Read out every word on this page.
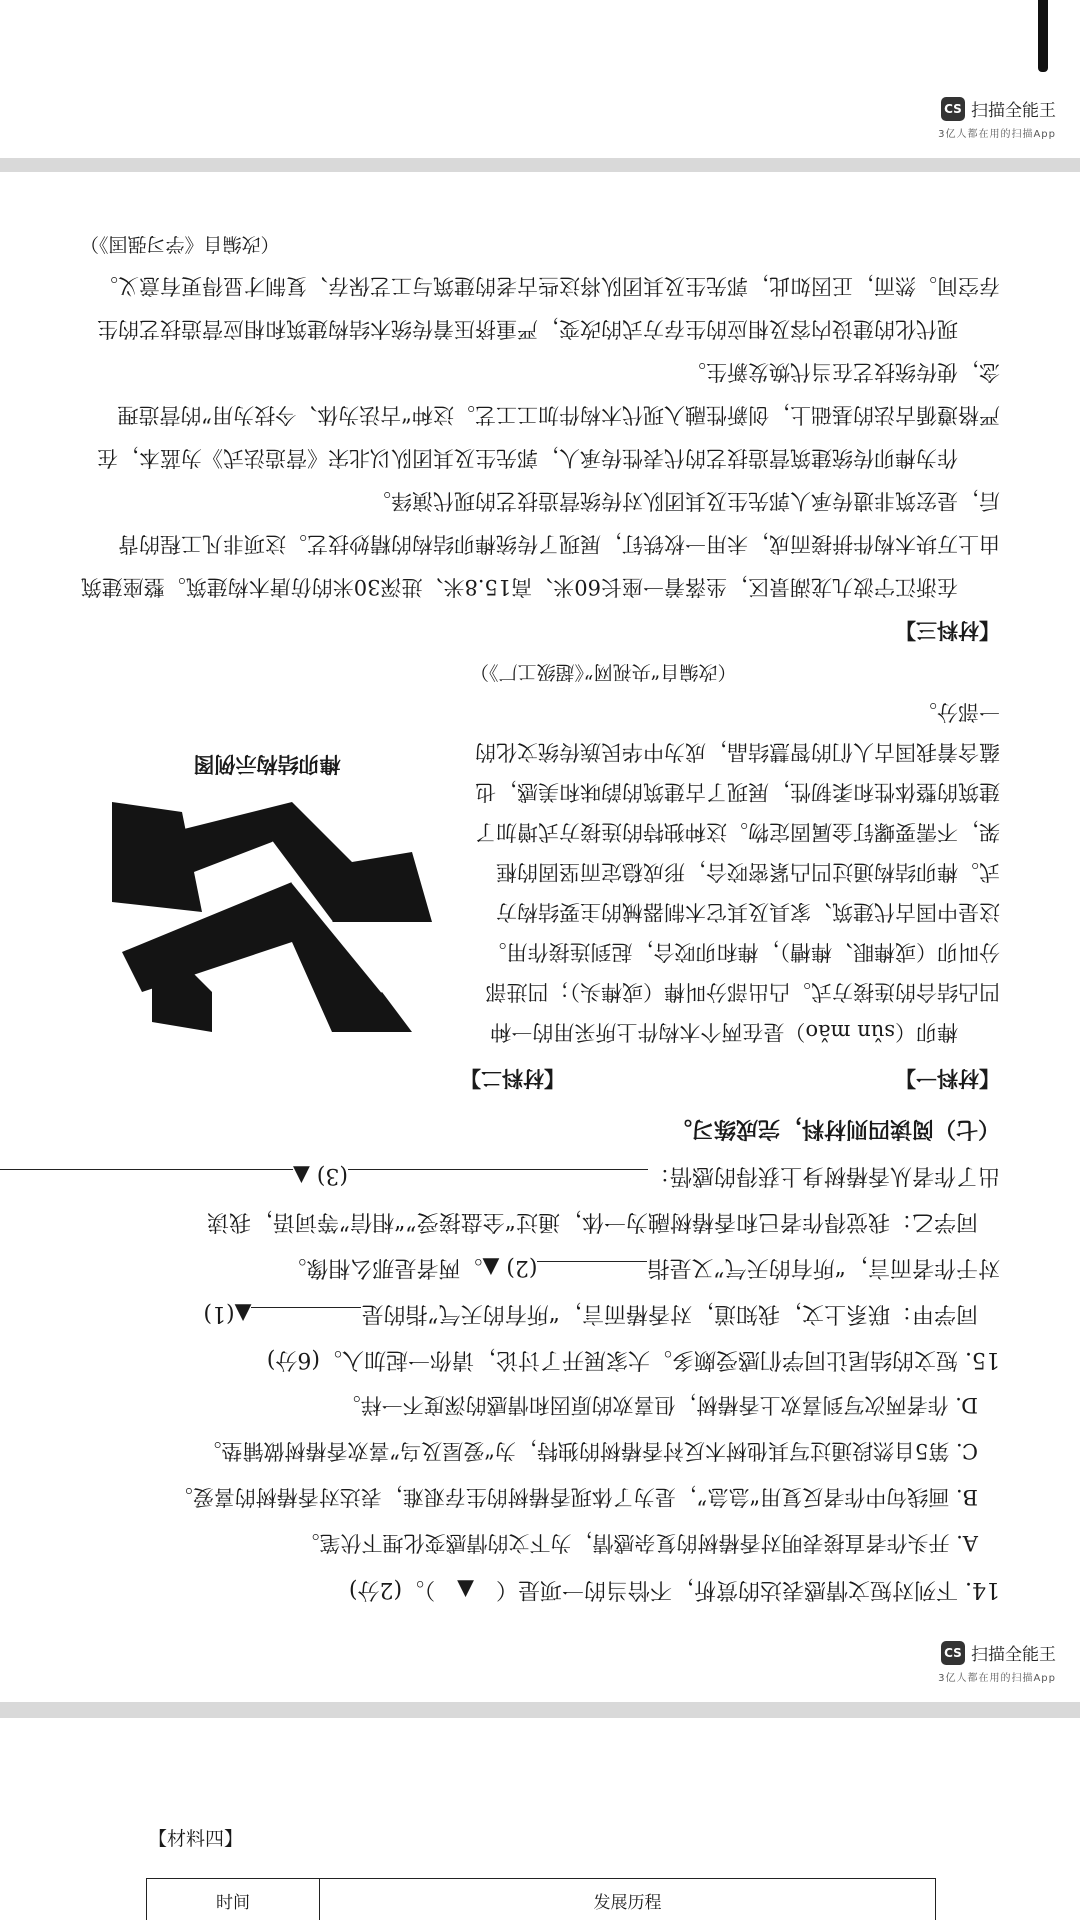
CS 扫描全能王
3亿人都在用的扫描App
14. 下列对短文情感表达的赏析，不恰当的一项是（　▲　）。(2分)
A. 开头作者直接表明对香椿树的复杂感情，为下文的情感变化埋下伏笔。
B. 画线句中作者反复用“急急”，是为了体现香椿树的生存艰难，表达对香椿树的喜爱。
C. 第5自然段通过写其他树木反衬香椿树的独特，为“爱屋及乌”喜欢香椿树做铺垫。
D. 作者两次写到喜欢上香椿树，但喜欢的原因和情感的深度不一样。
15. 短文的结尾让同学们感受颇多。大家展开了讨论，请你一起加入。(6分)
同学甲：联系上文，我知道，对香椿而言，“所有的天气”指的是▲(1)
对于作者而言，“所有的天气”又是指(2) ▲。两者是那么相像。
同学乙：我觉得作者已和香椿树融为一体，通过“全盘接受”“相信”等词语，我读
出了作者从香椿树身上获得的感悟：(3) ▲
（七）阅读四则材料，完成练习。
【材料一】
【材料二】

榫卯（sǔn mǎo）是在两个木构件上所采用的一种凹凸结合的连接方式。凸出部分叫榫（或榫头）；凹进部分叫卯（或榫眼、榫槽），榫和卯咬合，起到连接作用。这是中国古代建筑、家具及其它木制器械的主要结构方式。榫卯结构通过凹凸紧密咬合，形成稳定而坚固的框架，不需要螺钉金属固定物。这种独特的连接方式增加了建筑的整体性和柔韧性，展现了古建筑的韵味和美感，也蕴含着我国古人们的智慧结晶，成为中华民族传统文化的一部分。

（改编自“央视网”《超级工厂》）
榫卯结构示例图
【材料三】

在浙江宁波九龙湖景区，坐落着一座长60米、高15.8米、进深30米的仿唐木构建筑。整座建筑由上万块木构件拼接而成，未用一枚铁钉，展现了传统榫卯结构的精妙技艺。这项非凡工程的背后，是宏筑非遗传承人郭先生及其团队对传统营造技艺的现代演绎。

作为榫卯传统建筑营造技艺的代表性传承人，郭先生及其团队以北宋《营造法式》为蓝本，在严格遵循古法的基础上，创新性融入现代木构件加工工艺。这种“古法为体、今技为用”的营造理念，使传统技艺在当代焕发新生。

现代化的建设内容及相应的生存方式的改变，严重挤压着传统木结构建筑和相应营造技艺的生存空间。然而，正因如此，郭先生及其团队将这些古老的建筑与工艺保存、复制才显得更有意义。

（改编自《学习强国》）
CS 扫描全能王
3亿人都在用的扫描App
【材料四】
时间	发展历程
